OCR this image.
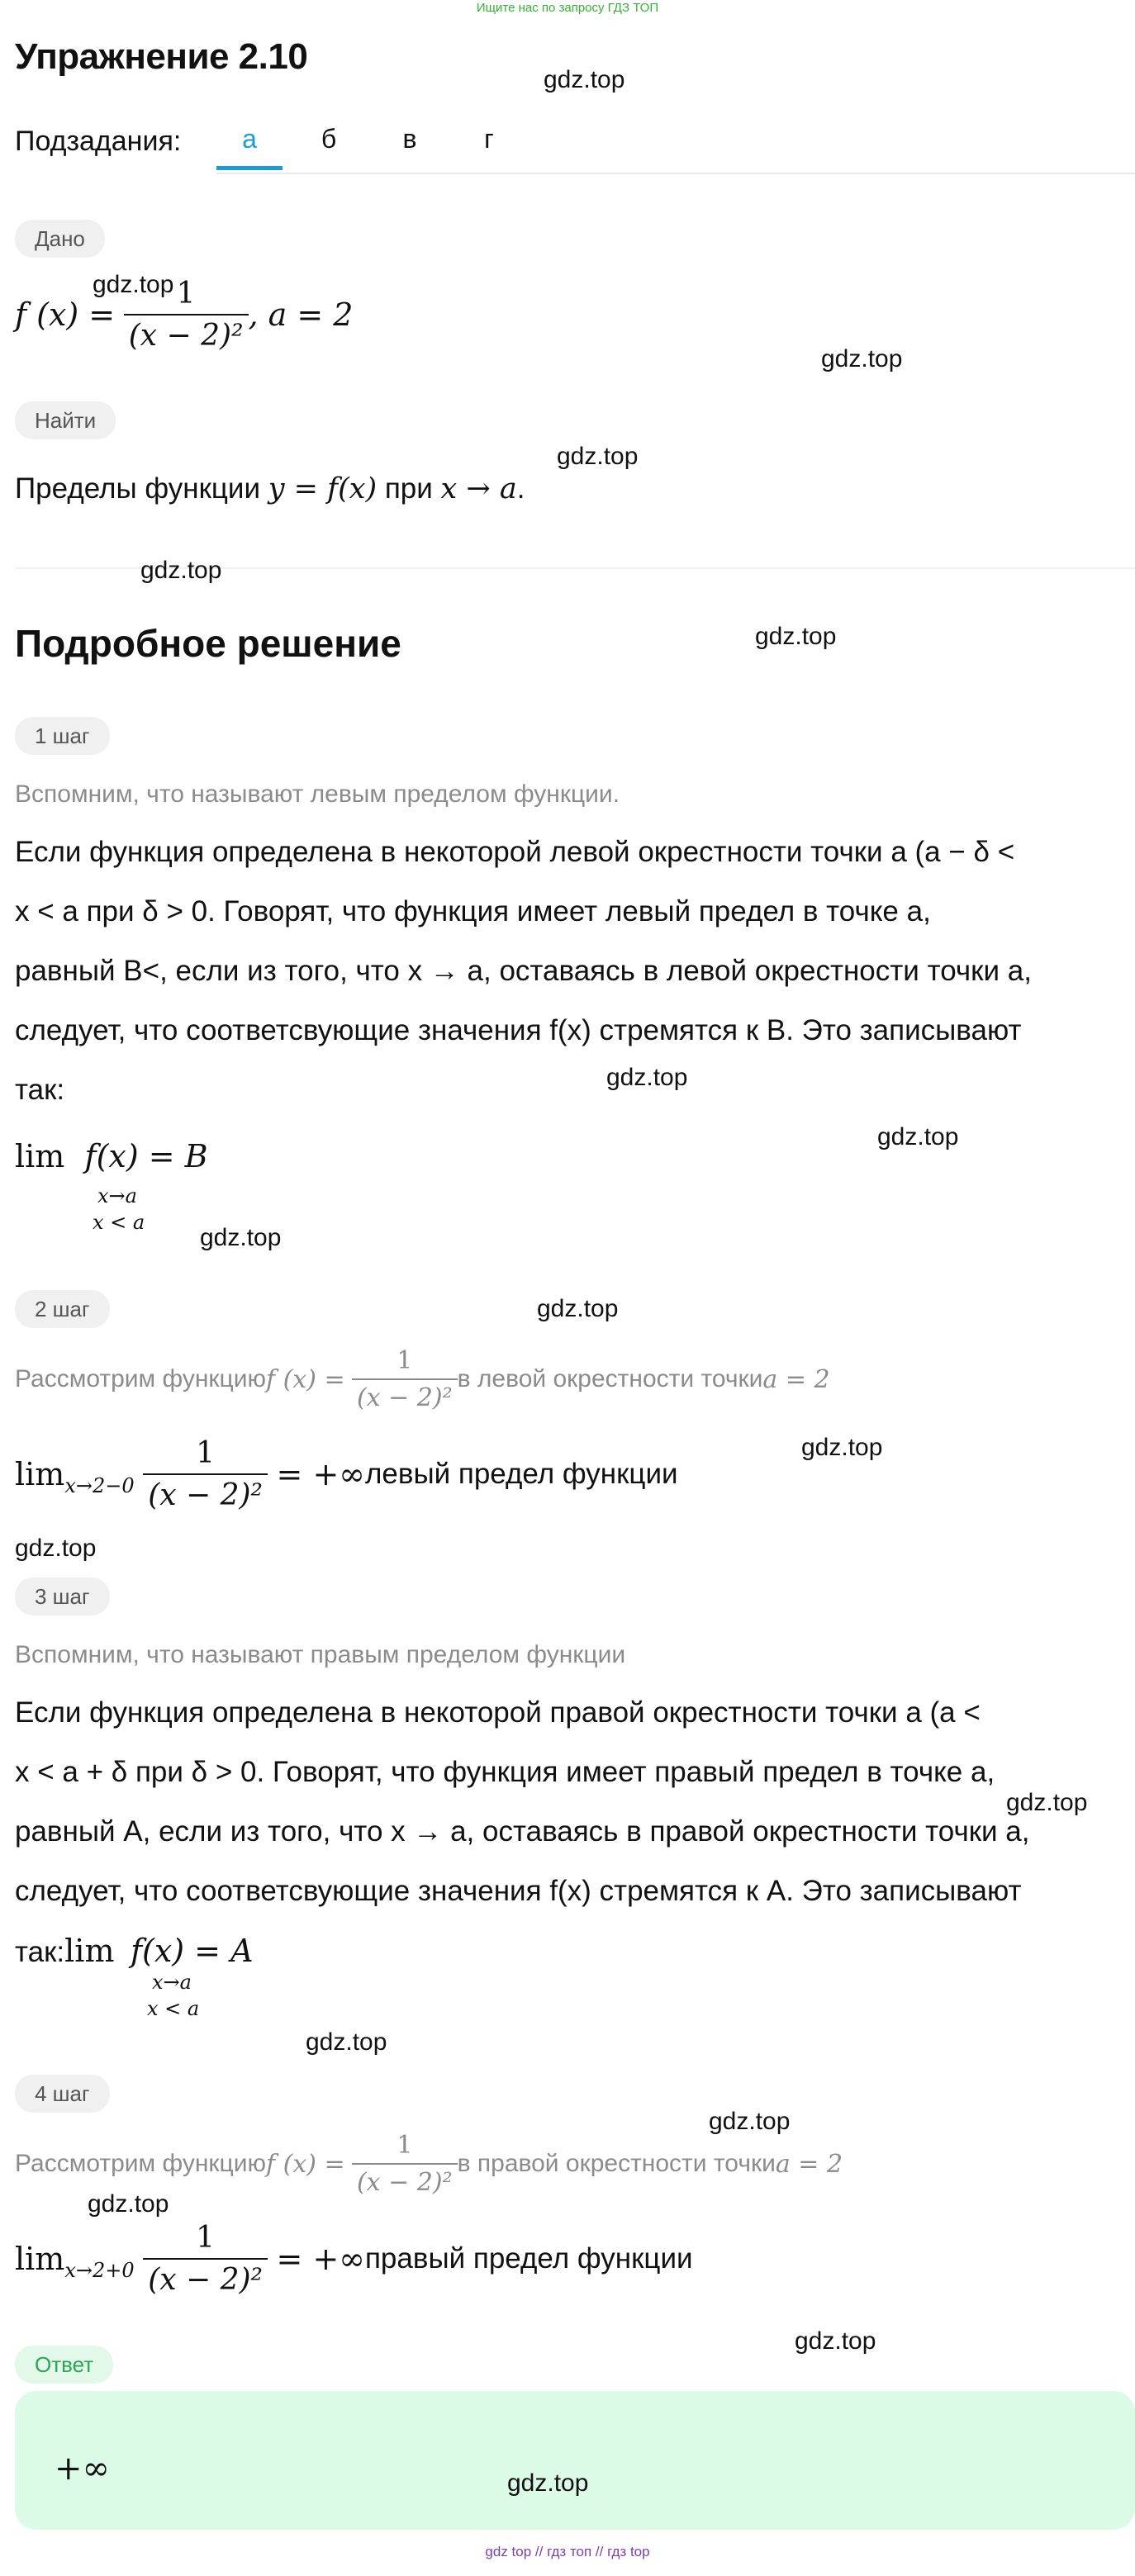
Ищите нас по запросу ГДЗ ТОП
Упражнение 2.10
Подзадания:	а	б	в	г
Дано
f (x) =
$\frac{1}{\text{(x − 2)²}}$ , a = 2
Найти
Пределы функции y = f(x) при x → a.
Подробное решение
1 шаг
Вспомним, что называют левым пределом функции.
Если функция определена в некоторой левой окрестности точки a (a − δ <
x < a при δ > 0. Говорят, что функция имеет левый предел в точке a,
равный B<, если из того, что x → a, оставаясь в левой окрестности точки a,
следует, что соответсвующие значения f(x) стремятся к B. Это записывают
так:
lim f(x) = B
x→a
x < a
2 шаг
Рассмотрим функцию f (x) =
$\frac{1}{\text{(x − 2)²}}$ в левой окрестности точки a = 2
lim x→2−0
$\frac{1}{\text{(x − 2)²}}$
= +∞ левый предел функции
3 шаг
Вспомним, что называют правым пределом функции
Если функция определена в некоторой правой окрестности точки a (a <
x < a + δ при δ > 0. Говорят, что функция имеет правый предел в точке a,
равный A, если из того, что x → a, оставаясь в правой окрестности точки a,
следует, что соответсвующие значения f(x) стремятся к A. Это записывают
так:lim f(x) = A
x→a
x < a
4 шаг
Рассмотрим функцию f (x) =
$\frac{1}{\text{(x − 2)²}}$ в правой окрестности точки a = 2
lim x→2+0
$\frac{1}{\text{(x − 2)²}}$
= +∞ правый предел функции
Ответ
+∞
gdz.top
gdz.top
gdz.top
gdz.top
gdz.top
gdz.top
gdz.top
gdz.top
gdz.top
gdz.top
gdz.top
gdz.top
gdz.top
gdz.top
gdz.top
gdz.top
gdz.top
gdz.top
gdz top // гдз топ // гдз top
